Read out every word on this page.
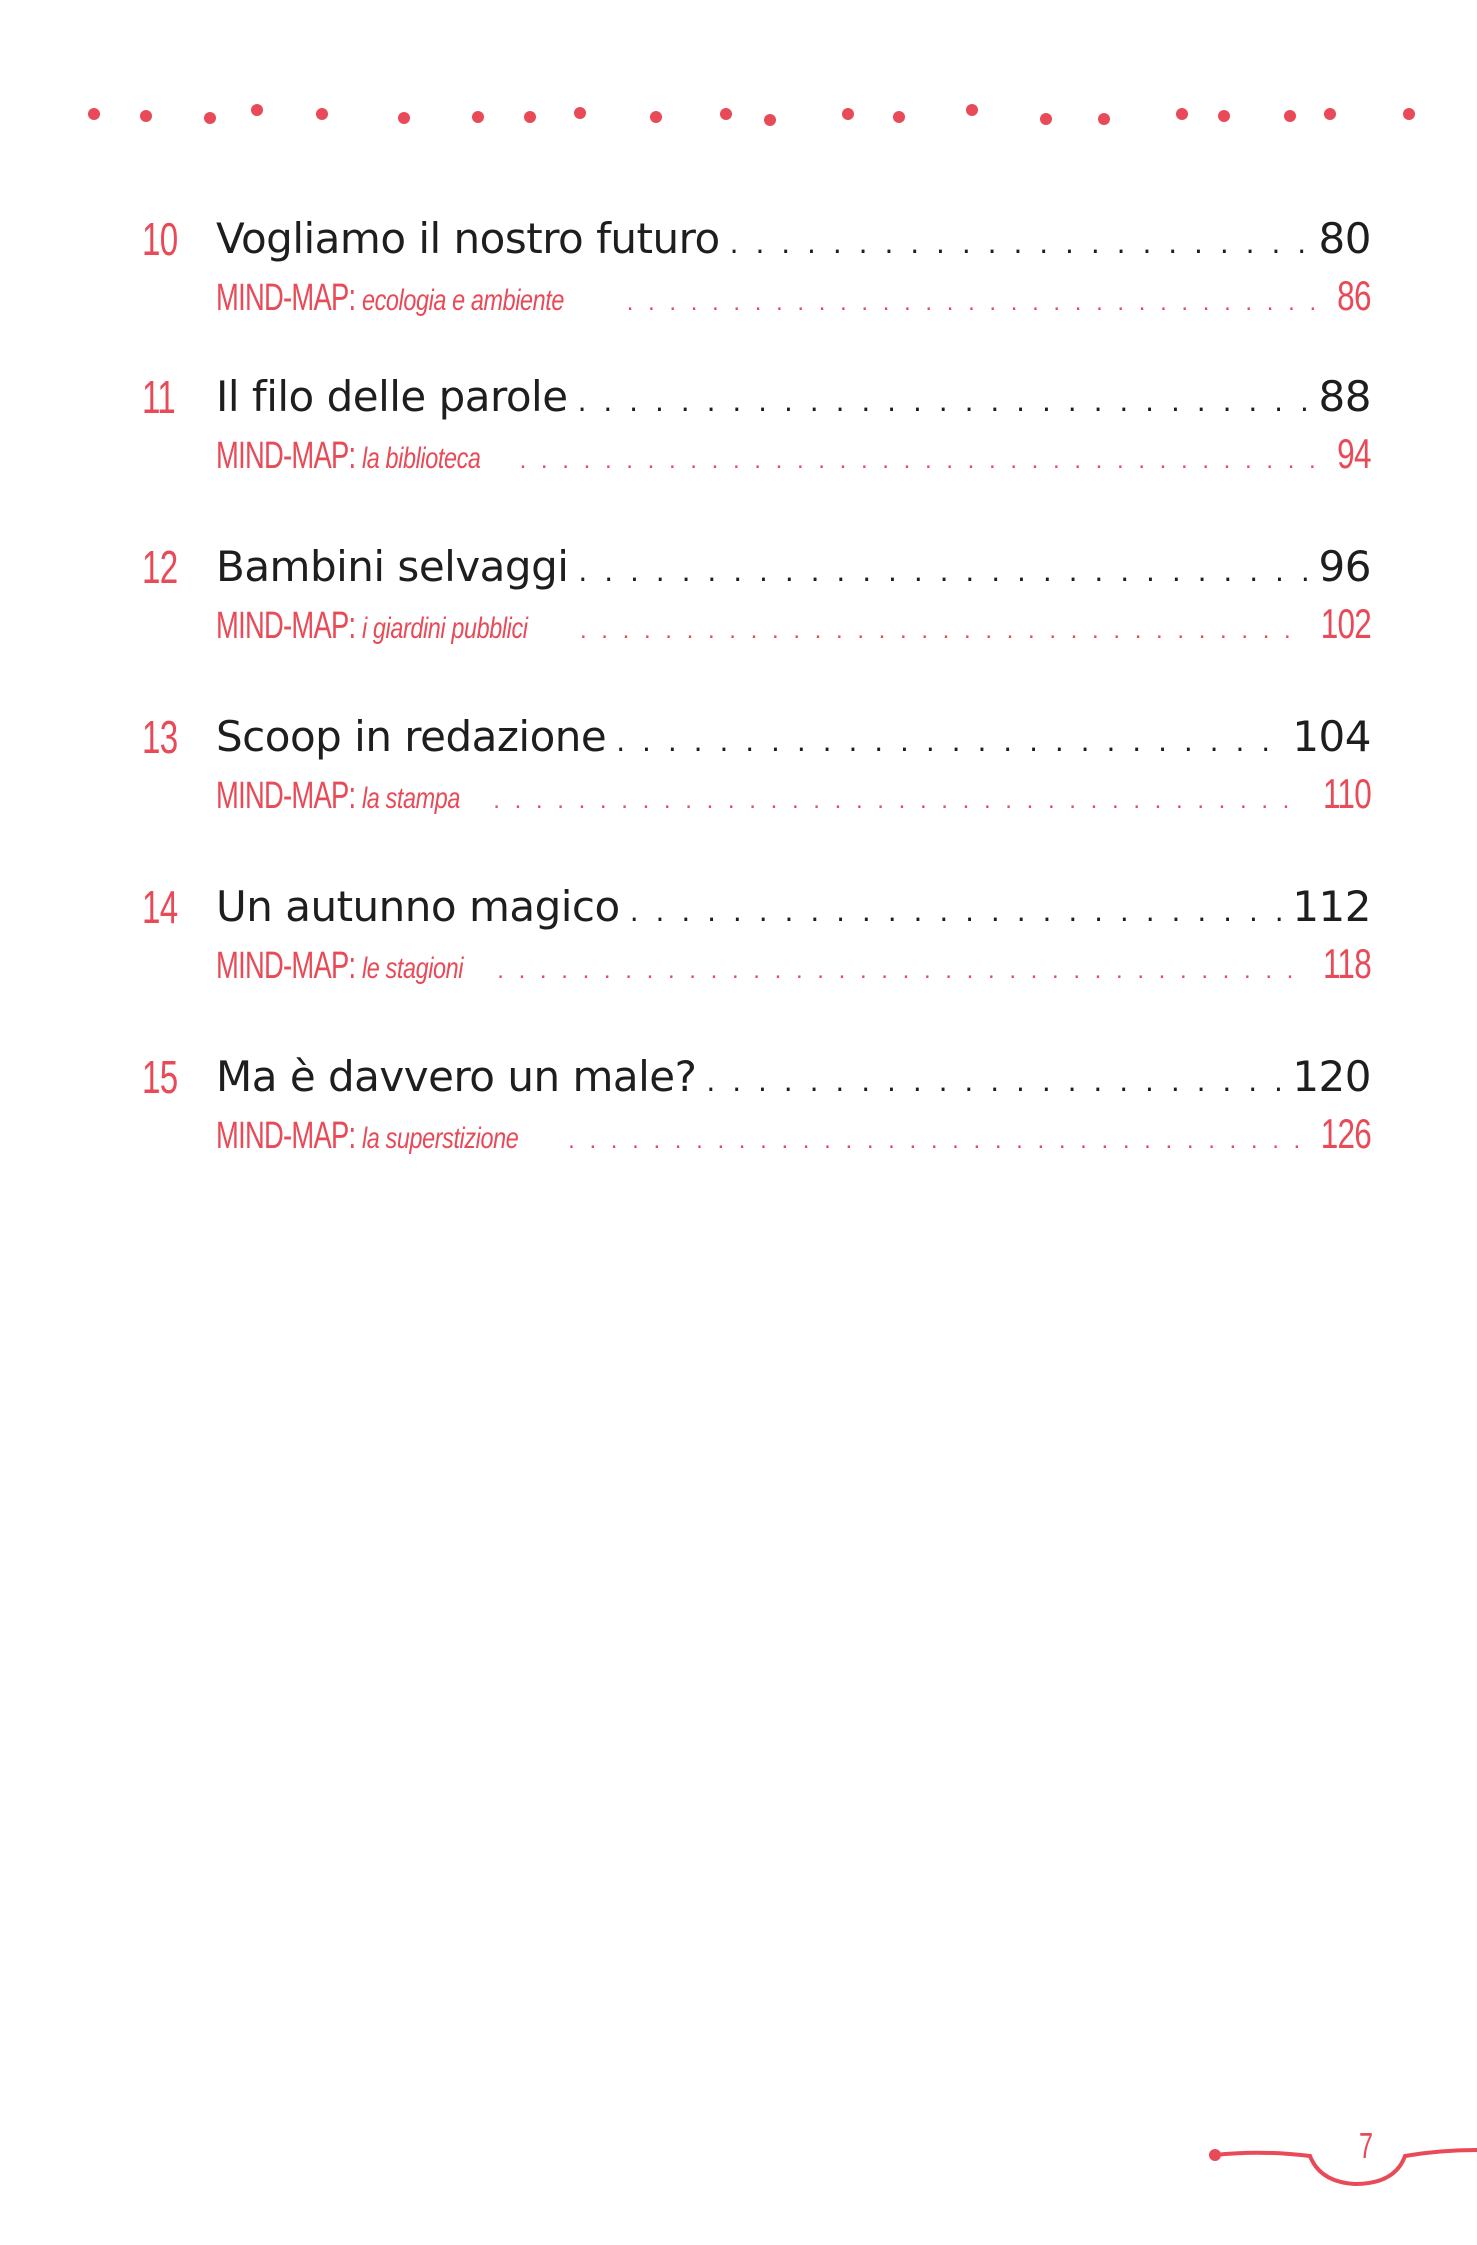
10 Vogliamo il nostro futuro . . .	80
MIND-MAP: ecologia e ambiente . . .	86
11 Il filo delle parole . . .	88
MIND-MAP: la biblioteca . . .	94
12 Bambini selvaggi . . .	96
MIND-MAP: i giardini pubblici . . .	102
13 Scoop in redazione . . .	104
MIND-MAP: la stampa . . .	110
14 Un autunno magico . . .	112
MIND-MAP: le stagioni . . .	118
15 Ma è davvero un male? . . .	120
MIND-MAP: la superstizione . . .	126
7
